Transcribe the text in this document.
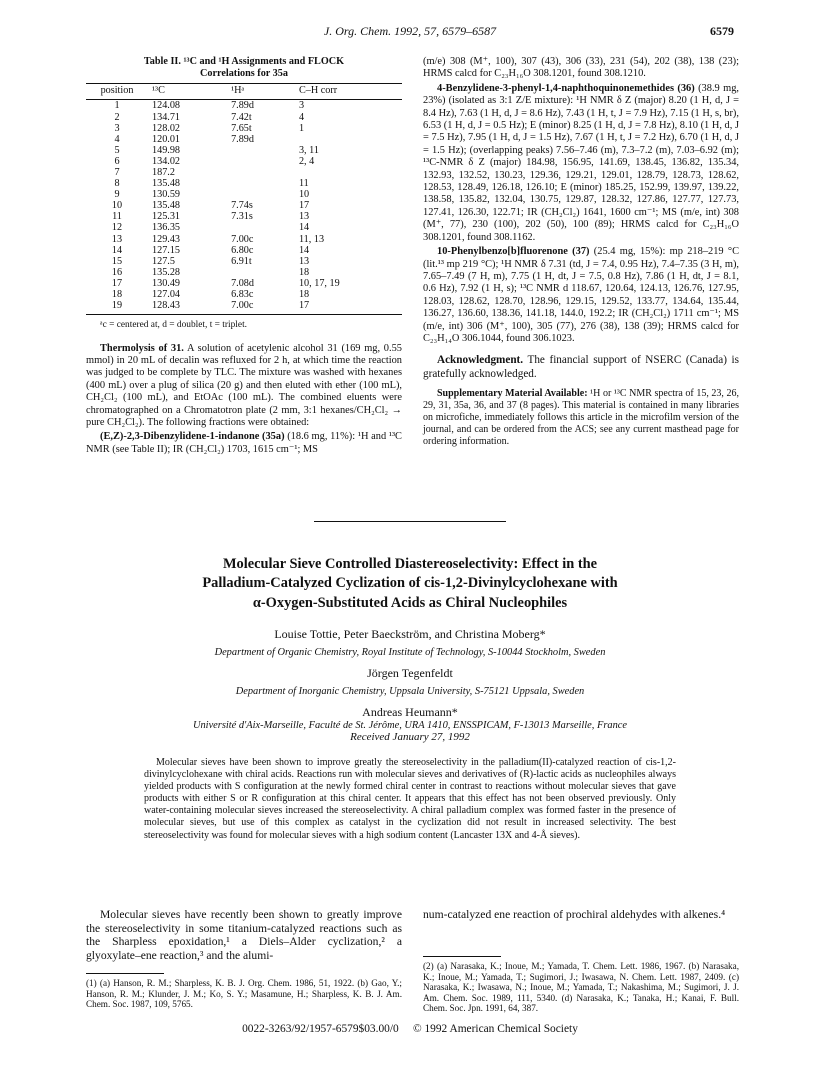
J. Org. Chem. 1992, 57, 6579–6587	6579
Table II. ¹³C and ¹H Assignments and FLOCK
Correlations for 35a
position	¹³C	¹Hᵃ	C–H corr
1	124.08	7.89d	3
2	134.71	7.42t	4
3	128.02	7.65t	1
4	120.01	7.89d	
5	149.98		3, 11
6	134.02		2, 4
7	187.2		
8	135.48		11
9	130.59		10
10	135.48	7.74s	17
11	125.31	7.31s	13
12	136.35		14
13	129.43	7.00c	11, 13
14	127.15	6.80c	14
15	127.5	6.91t	13
16	135.28		18
17	130.49	7.08d	10, 17, 19
18	127.04	6.83c	18
19	128.43	7.00c	17
ᵃc = centered at, d = doublet, t = triplet.

Thermolysis of 31. A solution of acetylenic alcohol 31 (169 mg, 0.55 mmol) in 20 mL of decalin was refluxed for 2 h, at which time the reaction was judged to be complete by TLC. The mixture was washed with hexanes (400 mL) over a plug of silica (20 g) and then eluted with ether (100 mL), CH₂Cl₂ (100 mL), and EtOAc (100 mL). The combined eluents were chromatographed on a Chromatotron plate (2 mm, 3:1 hexanes/CH₂Cl₂ → pure CH₂Cl₂). The following fractions were obtained:

(E,Z)-2,3-Dibenzylidene-1-indanone (35a) (18.6 mg, 11%): ¹H and ¹³C NMR (see Table II); IR (CH₂Cl₂) 1703, 1615 cm⁻¹; MS

(m/e) 308 (M⁺, 100), 307 (43), 306 (33), 231 (54), 202 (38), 138 (23); HRMS calcd for C₂₃H₁₆O 308.1201, found 308.1210.

4-Benzylidene-3-phenyl-1,4-naphthoquinonemethides (36) (38.9 mg, 23%) (isolated as 3:1 Z/E mixture): ¹H NMR δ Z (major) 8.20 (1 H, d, J = 8.4 Hz), 7.63 (1 H, d, J = 8.6 Hz), 7.43 (1 H, t, J = 7.9 Hz), 7.15 (1 H, s, br), 6.53 (1 H, d, J = 0.5 Hz); E (minor) 8.25 (1 H, d, J = 7.8 Hz), 8.10 (1 H, d, J = 7.5 Hz), 7.95 (1 H, d, J = 1.5 Hz), 7.67 (1 H, t, J = 7.2 Hz), 6.70 (1 H, d, J = 1.5 Hz); (overlapping peaks) 7.56–7.46 (m), 7.3–7.2 (m), 7.03–6.92 (m); ¹³C-NMR δ Z (major) 184.98, 156.95, 141.69, 138.45, 136.82, 135.34, 132.93, 132.52, 130.23, 129.36, 129.21, 129.01, 128.79, 128.73, 128.62, 128.53, 128.49, 126.18, 126.10; E (minor) 185.25, 152.99, 139.97, 139.22, 138.58, 135.82, 132.04, 130.75, 129.87, 128.32, 127.86, 127.77, 127.73, 127.41, 126.30, 122.71; IR (CH₂Cl₂) 1641, 1600 cm⁻¹; MS (m/e, int) 308 (M⁺, 77), 230 (100), 202 (50), 100 (89); HRMS calcd for C₂₃H₁₆O 308.1201, found 308.1162.

10-Phenylbenzo[b]fluorenone (37) (25.4 mg, 15%): mp 218–219 °C (lit.¹³ mp 219 °C); ¹H NMR δ 7.31 (td, J = 7.4, 0.95 Hz), 7.4–7.35 (3 H, m), 7.65–7.49 (7 H, m), 7.75 (1 H, dt, J = 7.5, 0.8 Hz), 7.86 (1 H, dt, J = 8.1, 0.6 Hz), 7.92 (1 H, s); ¹³C NMR d 118.67, 120.64, 124.13, 126.76, 127.95, 128.03, 128.62, 128.70, 128.96, 129.15, 129.52, 133.77, 134.64, 135.44, 136.27, 136.60, 138.36, 141.18, 144.0, 192.2; IR (CH₂Cl₂) 1711 cm⁻¹; MS (m/e, int) 306 (M⁺, 100), 305 (77), 276 (38), 138 (39); HRMS calcd for C₂₃H₁₄O 306.1044, found 306.1023.

Acknowledgment. The financial support of NSERC (Canada) is gratefully acknowledged.

Supplementary Material Available: ¹H or ¹³C NMR spectra of 15, 23, 26, 29, 31, 35a, 36, and 37 (8 pages). This material is contained in many libraries on microfiche, immediately follows this article in the microfilm version of the journal, and can be ordered from the ACS; see any current masthead page for ordering information.

Molecular Sieve Controlled Diastereoselectivity: Effect in the
Palladium-Catalyzed Cyclization of cis-1,2-Divinylcyclohexane with
α-Oxygen-Substituted Acids as Chiral Nucleophiles
Louise Tottie, Peter Baeckström, and Christina Moberg*
Department of Organic Chemistry, Royal Institute of Technology, S-10044 Stockholm, Sweden
Jörgen Tegenfeldt
Department of Inorganic Chemistry, Uppsala University, S-75121 Uppsala, Sweden
Andreas Heumann*
Université d'Aix-Marseille, Faculté de St. Jérôme, URA 1410, ENSSPICAM, F-13013 Marseille, France
Received January 27, 1992
Molecular sieves have been shown to improve greatly the stereoselectivity in the palladium(II)-catalyzed reaction of cis-1,2-divinylcyclohexane with chiral acids. Reactions run with molecular sieves and derivatives of (R)-lactic acids as nucleophiles always yielded products with S configuration at the newly formed chiral center in contrast to reactions without molecular sieves that gave products with either S or R configuration at this chiral center. It appears that this effect has not been observed previously. Only water-containing molecular sieves increased the stereoselectivity. A chiral palladium complex was formed faster in the presence of molecular sieves, but use of this complex as catalyst in the cyclization did not result in increased selectivity. The best stereoselectivity was found for molecular sieves with a high sodium content (Lancaster 13X and 4-Å sieves).
Molecular sieves have recently been shown to greatly improve the stereoselectivity in some titanium-catalyzed reactions such as the Sharpless epoxidation,¹ a Diels–Alder cyclization,² a glyoxylate–ene reaction,³ and the alumi-
num-catalyzed ene reaction of prochiral aldehydes with alkenes.⁴
(1) (a) Hanson, R. M.; Sharpless, K. B. J. Org. Chem. 1986, 51, 1922. (b) Gao, Y.; Hanson, R. M.; Klunder, J. M.; Ko, S. Y.; Masamune, H.; Sharpless, K. B. J. Am. Chem. Soc. 1987, 109, 5765.
(2) (a) Narasaka, K.; Inoue, M.; Yamada, T. Chem. Lett. 1986, 1967. (b) Narasaka, K.; Inoue, M.; Yamada, T.; Sugimori, J.; Iwasawa, N. Chem. Lett. 1987, 2409. (c) Narasaka, K.; Iwasawa, N.; Inoue, M.; Yamada, T.; Nakashima, M.; Sugimori, J. J. Am. Chem. Soc. 1989, 111, 5340. (d) Narasaka, K.; Tanaka, H.; Kanai, F. Bull. Chem. Soc. Jpn. 1991, 64, 387.
0022-3263/92/1957-6579$03.00/0 © 1992 American Chemical Society
